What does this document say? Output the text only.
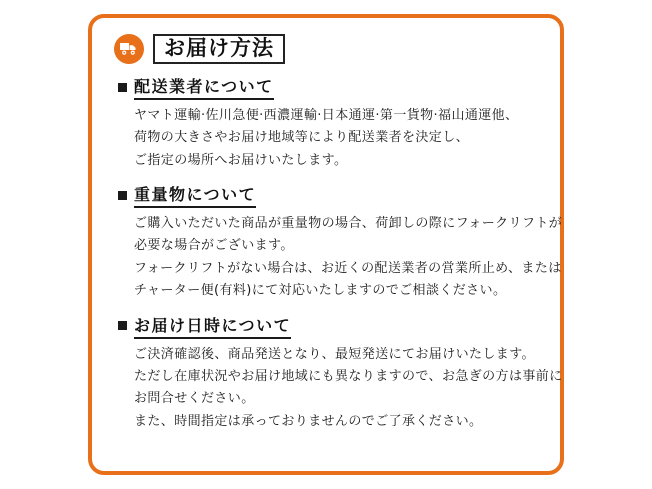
お届け方法
配送業者について
ヤマト運輸·佐川急便·西濃運輸·日本通運·第一貨物·福山通運他、
荷物の大きさやお届け地域等により配送業者を決定し、
ご指定の場所へお届けいたします。
重量物について
ご購入いただいた商品が重量物の場合、荷卸しの際にフォークリフトが
必要な場合がございます。
フォークリフトがない場合は、お近くの配送業者の営業所止め、または
チャーター便(有料)にて対応いたしますのでご相談ください。
お届け日時について
ご決済確認後、商品発送となり、最短発送にてお届けいたします。
ただし在庫状況やお届け地域にも異なりますので、お急ぎの方は事前に
お問合せください。
また、時間指定は承っておりませんのでご了承ください。
